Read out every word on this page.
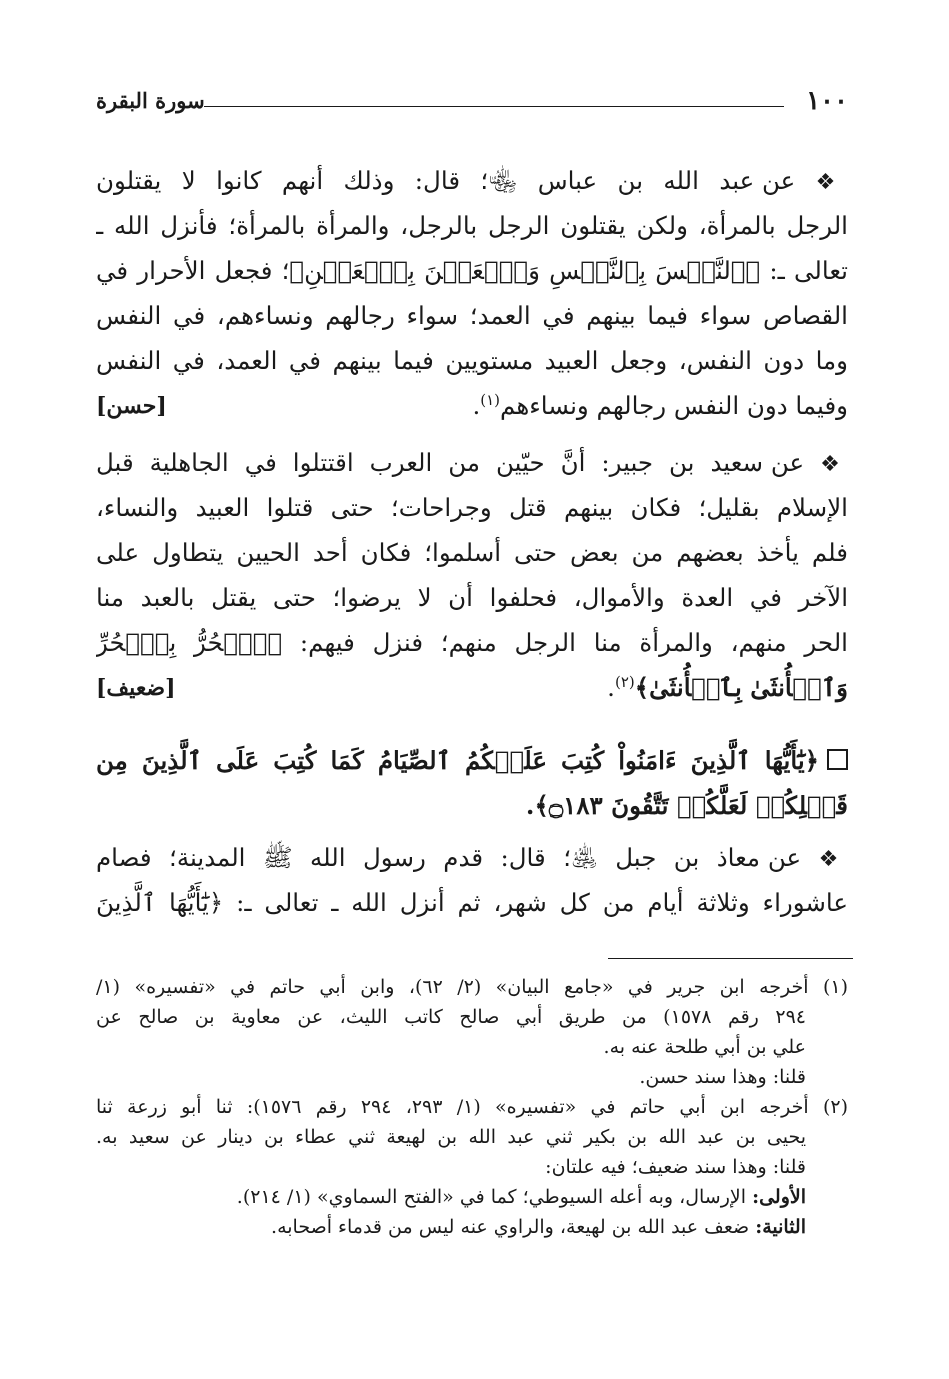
١٠٠
سورة البقرة
❖ عن عبد الله بن عباس ﵄؛ قال: وذلك أنهم كانوا لا يقتلون
الرجل بالمرأة، ولكن يقتلون الرجل بالرجل، والمرأة بالمرأة؛ فأنزل الله ـ
تعالى ـ: ﴿ٱلنَّفۡسَ بِٱلنَّفۡسِ وَٱلۡعَيۡنَ بِٱلۡعَيۡنِ﴾؛ فجعل الأحرار في
القصاص سواء فيما بينهم في العمد؛ سواء رجالهم ونساءهم، في النفس
وما دون النفس، وجعل العبيد مستويين فيما بينهم في العمد، في النفس
وفيما دون النفس رجالهم ونساءهم$^{(١)}$.
[حسن]
❖ عن سعيد بن جبير: أنَّ حيّين من العرب اقتتلوا في الجاهلية قبل
الإسلام بقليل؛ فكان بينهم قتل وجراحات؛ حتى قتلوا العبيد والنساء،
فلم يأخذ بعضهم من بعض حتى أسلموا؛ فكان أحد الحيين يتطاول على
الآخر في العدة والأموال، فحلفوا أن لا يرضوا؛ حتى يقتل بالعبد منا
الحر منهم، والمرأة منا الرجل منهم؛ فنزل فيهم: ﴿ٱلۡحُرُّ بِٱلۡحُرِّ
وَٱلۡأُنثَىٰ بِٱلۡأُنثَىٰ﴾$^{(٢)}$.
[ضعيف]
﴿يَٰٓأَيُّهَا ٱلَّذِينَ ءَامَنُواْ كُتِبَ عَلَيۡكُمُ ٱلصِّيَامُ كَمَا كُتِبَ عَلَى ٱلَّذِينَ مِن
قَبۡلِكُمۡ لَعَلَّكُمۡ تَتَّقُونَ ۝١٨٣﴾.
❖ عن معاذ بن جبل ﵁؛ قال: قدم رسول الله ﷺ المدينة؛ فصام
عاشوراء وثلاثة أيام من كل شهر، ثم أنزل الله ـ تعالى ـ: ﴿يَٰٓأَيُّهَا ٱلَّذِينَ
(١) أخرجه ابن جرير في «جامع البيان» (٢/ ٦٢)، وابن أبي حاتم في «تفسيره» (١/
٢٩٤ رقم ١٥٧٨) من طريق أبي صالح كاتب الليث، عن معاوية بن صالح عن
علي بن أبي طلحة عنه به.
قلنا: وهذا سند حسن.
(٢) أخرجه ابن أبي حاتم في «تفسيره» (١/ ٢٩٣، ٢٩٤ رقم ١٥٧٦): ثنا أبو زرعة ثنا
يحيى بن عبد الله بن بكير ثني عبد الله بن لهيعة ثني عطاء بن دينار عن سعيد به.
قلنا: وهذا سند ضعيف؛ فيه علتان:
الأولى: الإرسال، وبه أعله السيوطي؛ كما في «الفتح السماوي» (١/ ٢١٤).
الثانية: ضعف عبد الله بن لهيعة، والراوي عنه ليس من قدماء أصحابه.
